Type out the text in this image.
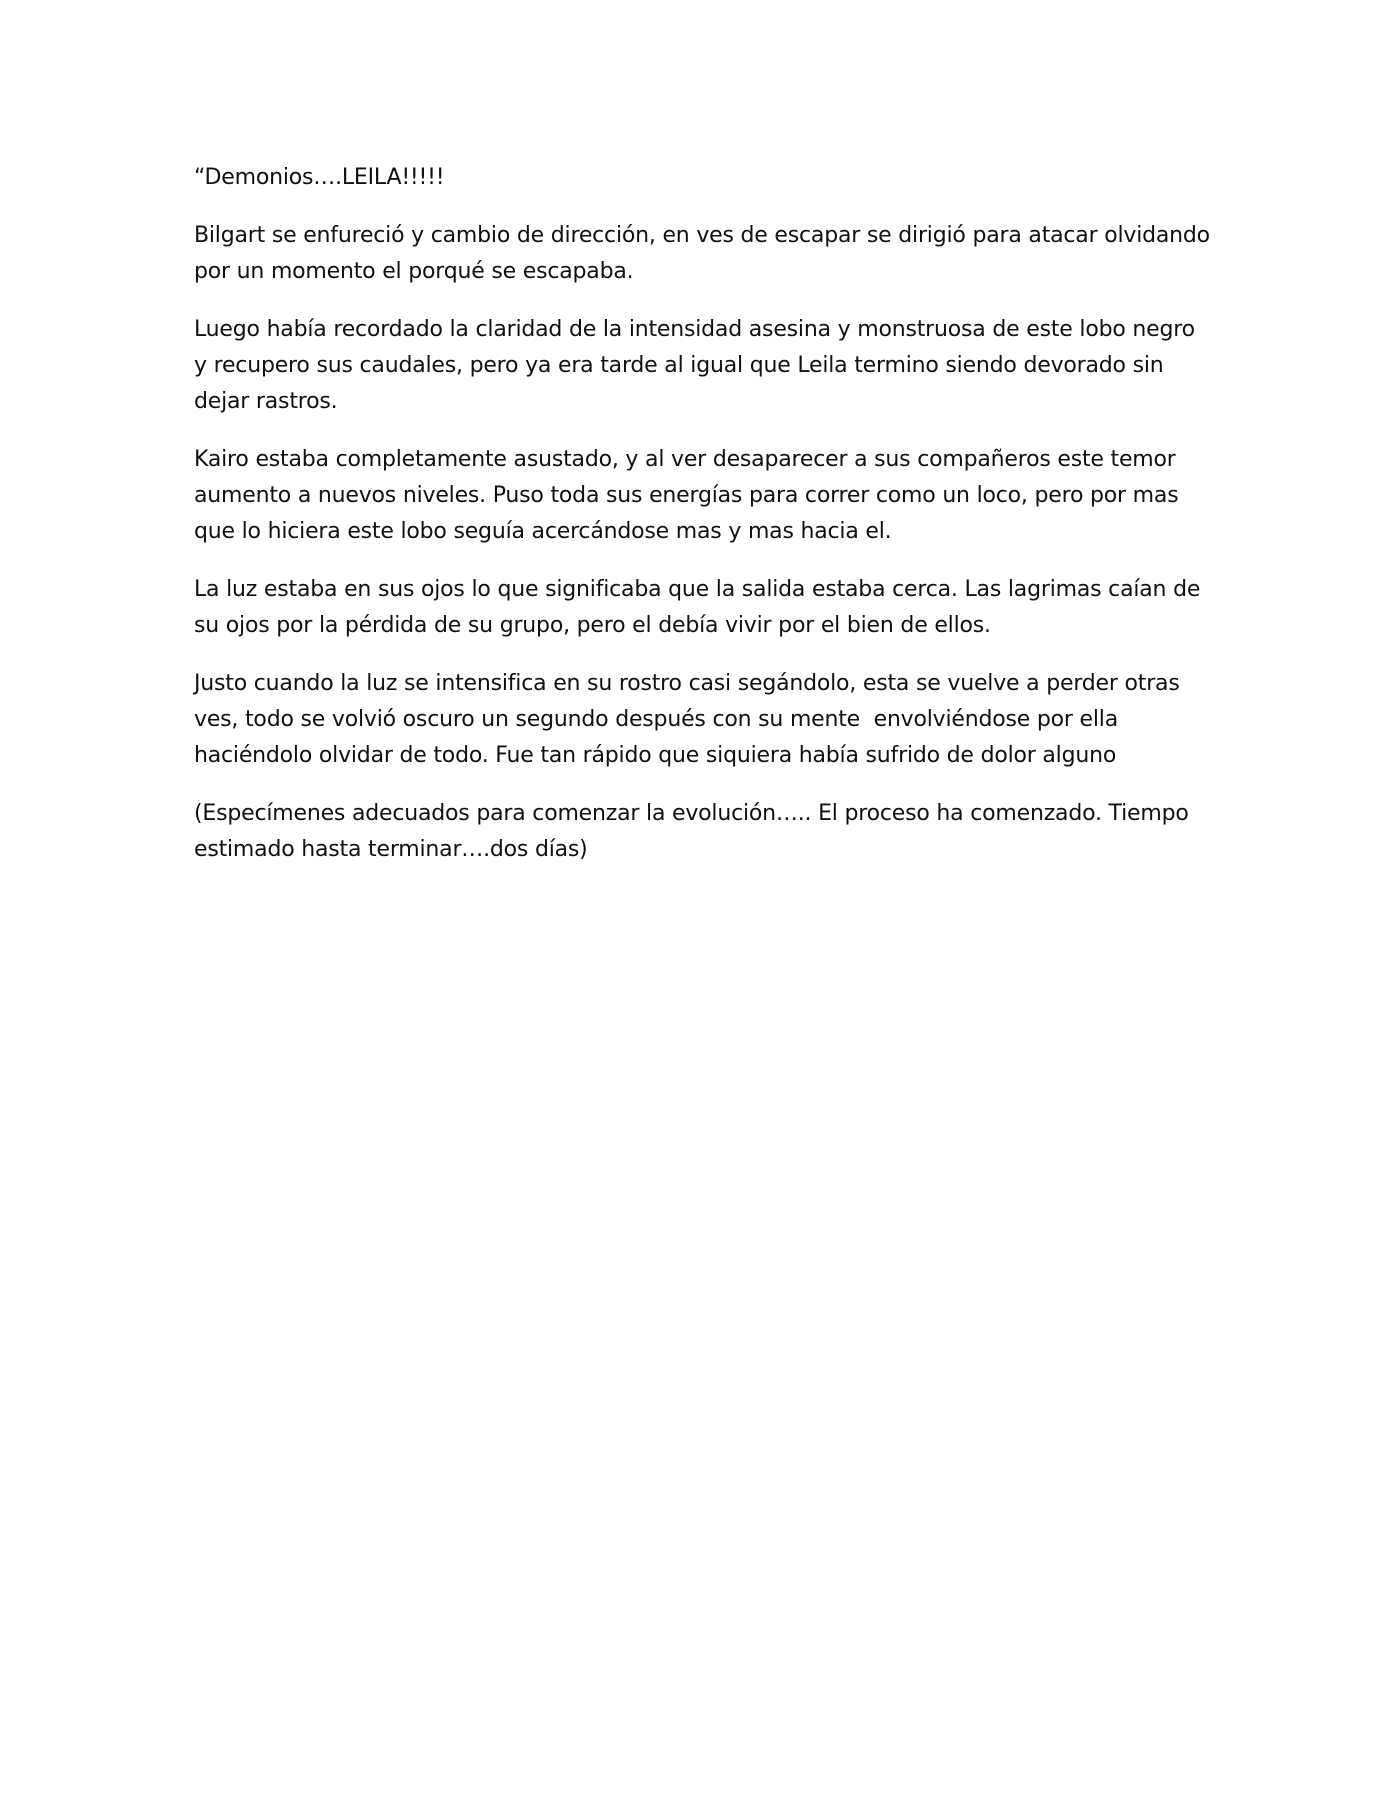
“Demonios….LEILA!!!!!

Bilgart se enfureció y cambio de dirección, en ves de escapar se dirigió para atacar olvidando por un momento el porqué se escapaba.

Luego había recordado la claridad de la intensidad asesina y monstruosa de este lobo negro y recupero sus caudales, pero ya era tarde al igual que Leila termino siendo devorado sin dejar rastros.

Kairo estaba completamente asustado, y al ver desaparecer a sus compañeros este temor aumento a nuevos niveles. Puso toda sus energías para correr como un loco, pero por mas que lo hiciera este lobo seguía acercándose mas y mas hacia el.

La luz estaba en sus ojos lo que significaba que la salida estaba cerca. Las lagrimas caían de su ojos por la pérdida de su grupo, pero el debía vivir por el bien de ellos.

Justo cuando la luz se intensifica en su rostro casi segándolo, esta se vuelve a perder otras ves, todo se volvió oscuro un segundo después con su mente  envolviéndose por ella haciéndolo olvidar de todo. Fue tan rápido que siquiera había sufrido de dolor alguno

(Especímenes adecuados para comenzar la evolución….. El proceso ha comenzado. Tiempo estimado hasta terminar….dos días)
